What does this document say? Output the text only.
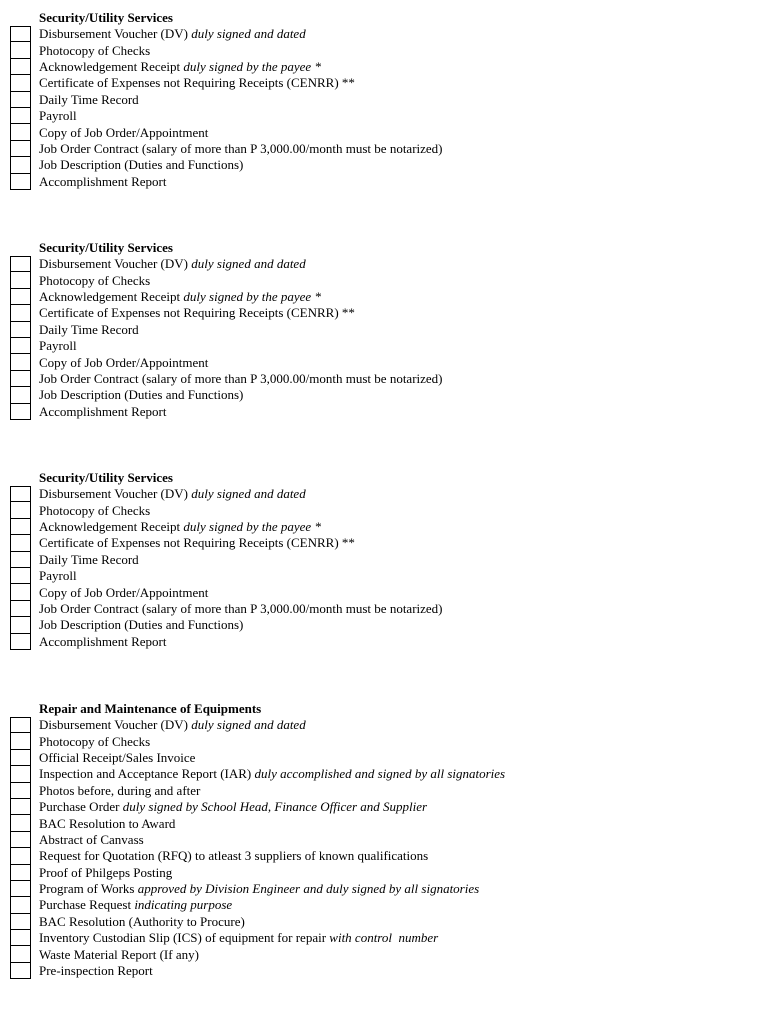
Security/Utility Services
Disbursement Voucher (DV) duly signed and dated
Photocopy of Checks
Acknowledgement Receipt duly signed by the payee *
Certificate of Expenses not Requiring Receipts (CENRR) **
Daily Time Record
Payroll
Copy of Job Order/Appointment
Job Order Contract (salary of more than P 3,000.00/month must be notarized)
Job Description (Duties and Functions)
Accomplishment Report
Security/Utility Services
Disbursement Voucher (DV) duly signed and dated
Photocopy of Checks
Acknowledgement Receipt duly signed by the payee *
Certificate of Expenses not Requiring Receipts (CENRR) **
Daily Time Record
Payroll
Copy of Job Order/Appointment
Job Order Contract (salary of more than P 3,000.00/month must be notarized)
Job Description (Duties and Functions)
Accomplishment Report
Security/Utility Services
Disbursement Voucher (DV) duly signed and dated
Photocopy of Checks
Acknowledgement Receipt duly signed by the payee *
Certificate of Expenses not Requiring Receipts (CENRR) **
Daily Time Record
Payroll
Copy of Job Order/Appointment
Job Order Contract (salary of more than P 3,000.00/month must be notarized)
Job Description (Duties and Functions)
Accomplishment Report
Repair and Maintenance of Equipments
Disbursement Voucher (DV) duly signed and dated
Photocopy of Checks
Official Receipt/Sales Invoice
Inspection and Acceptance Report (IAR) duly accomplished and signed by all signatories
Photos before, during and after
Purchase Order duly signed by School Head, Finance Officer and Supplier
BAC Resolution to Award
Abstract of Canvass
Request for Quotation (RFQ) to atleast 3 suppliers of known qualifications
Proof of Philgeps Posting
Program of Works approved by Division Engineer and duly signed by all signatories
Purchase Request indicating purpose
BAC Resolution (Authority to Procure)
Inventory Custodian Slip (ICS) of equipment for repair with control  number
Waste Material Report (If any)
Pre-inspection Report
